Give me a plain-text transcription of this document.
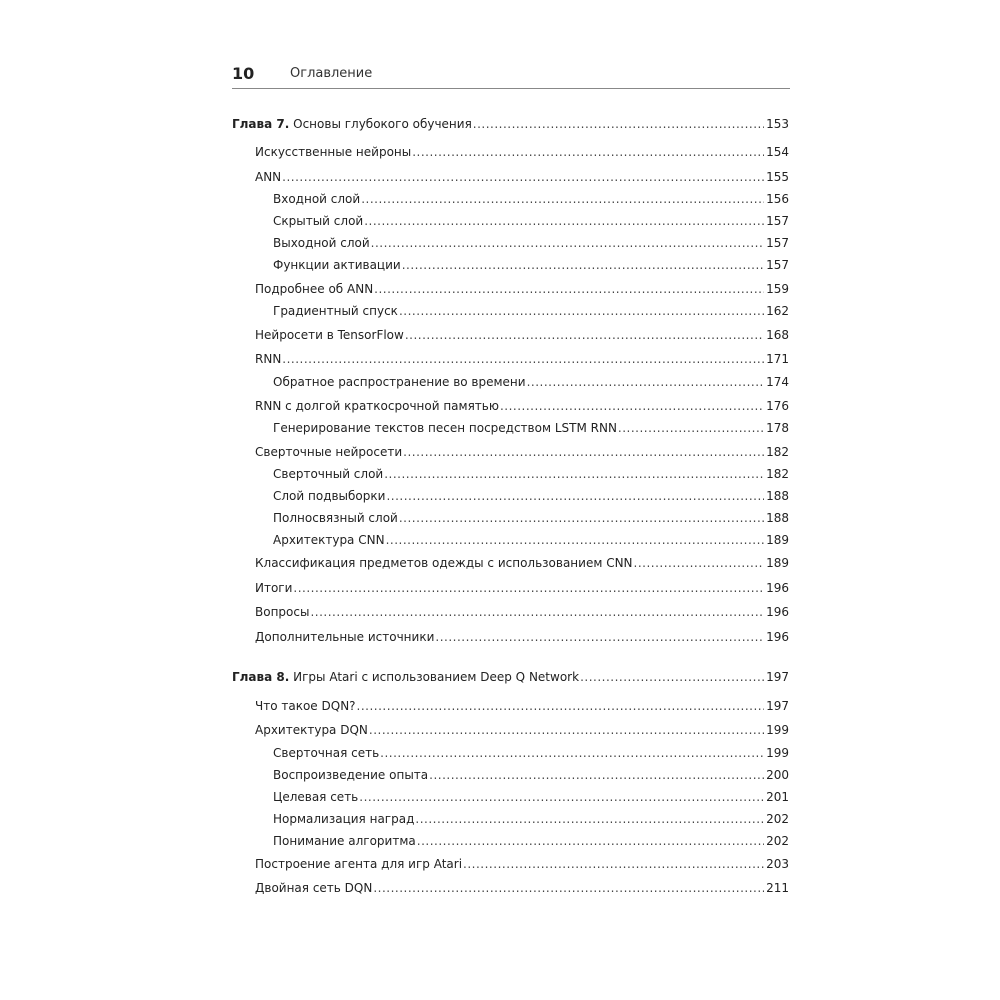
10	Оглавление
Глава 7. Основы глубокого обучения .....	153
Искусственные нейроны .....	154
ANN .....	155
Входной слой .....	156
Скрытый слой .....	157
Выходной слой .....	157
Функции активации .....	157
Подробнее об ANN .....	159
Градиентный спуск .....	162
Нейросети в TensorFlow .....	168
RNN .....	171
Обратное распространение во времени .....	174
RNN с долгой краткосрочной памятью .....	176
Генерирование текстов песен посредством LSTM RNN .....	178
Сверточные нейросети .....	182
Сверточный слой .....	182
Слой подвыборки .....	188
Полносвязный слой .....	188
Архитектура CNN .....	189
Классификация предметов одежды с использованием CNN .....	189
Итоги .....	196
Вопросы .....	196
Дополнительные источники .....	196
Глава 8. Игры Atari с использованием Deep Q Network .....	197
Что такое DQN? .....	197
Архитектура DQN .....	199
Сверточная сеть .....	199
Воспроизведение опыта .....	200
Целевая сеть .....	201
Нормализация наград .....	202
Понимание алгоритма .....	202
Построение агента для игр Atari .....	203
Двойная сеть DQN .....	211
